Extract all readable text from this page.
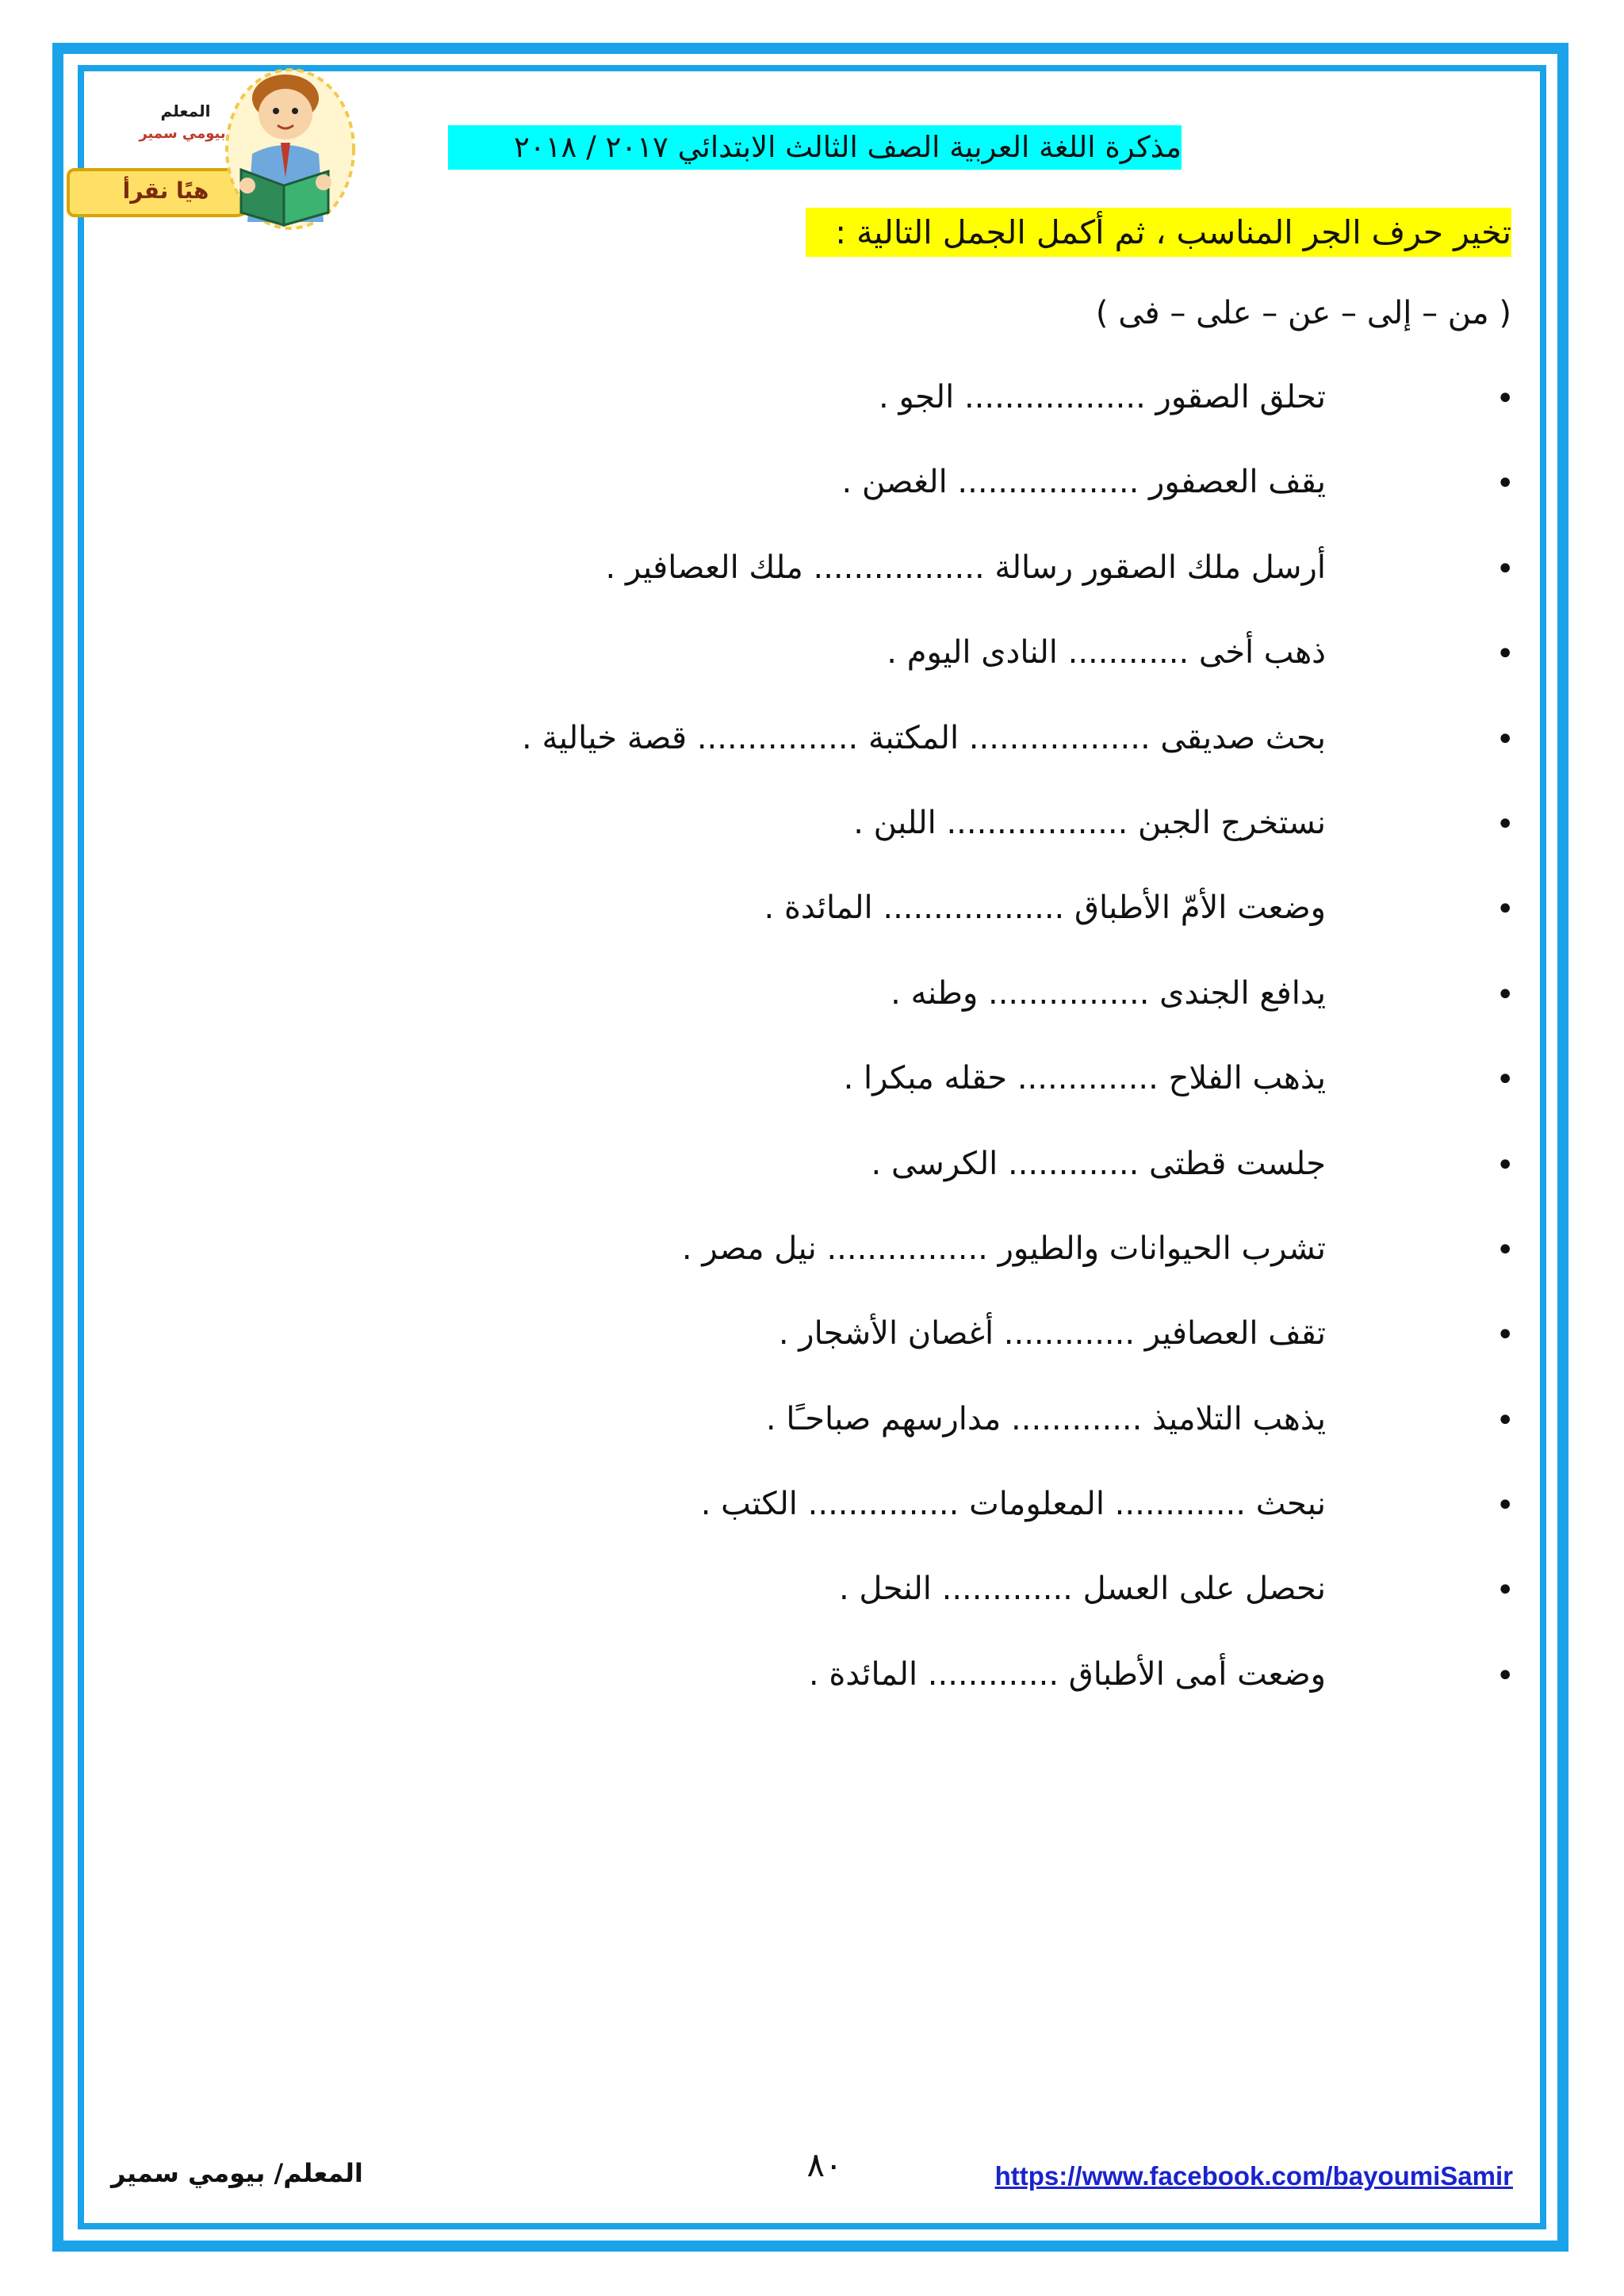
المعلم
بيومي سمير
هيًا نقرأ
مذكرة اللغة العربية الصف الثالث الابتدائي ٢٠١٧ / ٢٠١٨
تخير حرف الجر المناسب ، ثم أكمل الجمل التالية :
( من – إلى – عن – على – فى )
•
تحلق الصقور .................. الجو .
•
يقف العصفور .................. الغصن .
•
أرسل ملك الصقور رسالة ................. ملك العصافير .
•
ذهب أخى ............ النادى اليوم .
•
بحث صديقى .................. المكتبة ................ قصة خيالية .
•
نستخرج الجبن .................. اللبن .
•
وضعت الأمّ الأطباق .................. المائدة .
•
يدافع الجندى ................ وطنه .
•
يذهب الفلاح .............. حقله مبكرا .
•
جلست قطتى ............. الكرسى .
•
تشرب الحيوانات والطيور ................ نيل مصر .
•
تقف العصافير ............. أغصان الأشجار .
•
يذهب التلاميذ ............. مدارسهم صباحـًا .
•
نبحث ............. المعلومات ............... الكتب .
•
نحصل على العسل ............. النحل .
•
وضعت أمى الأطباق ............. المائدة .
المعلم/ بيومي سمير	٨٠	https://www.facebook.com/bayoumiSamir
